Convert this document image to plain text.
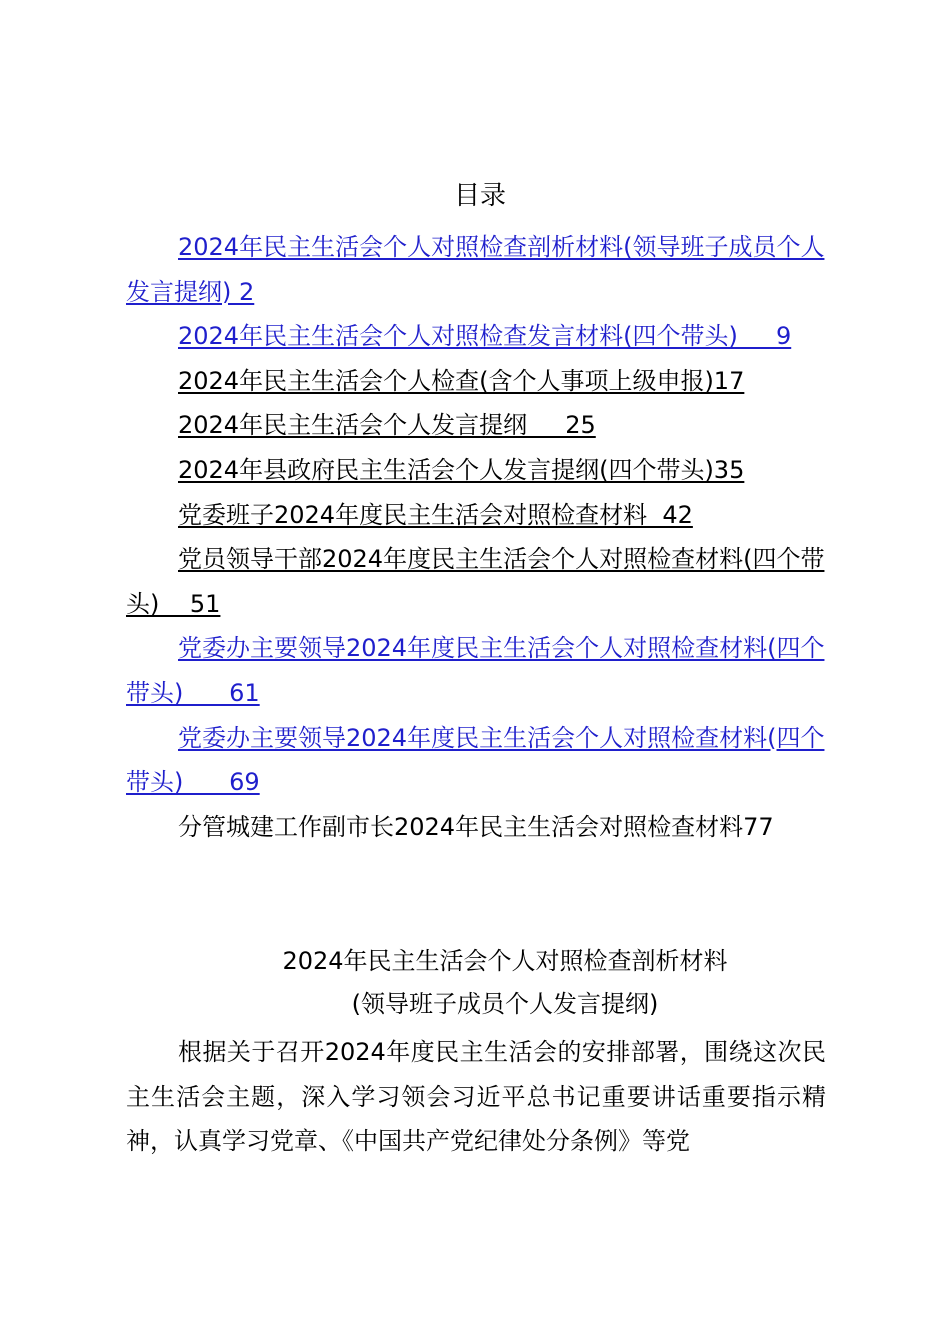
目录
2024年民主生活会个人对照检查剖析材料(领导班子成员个人发言提纲) 2
2024年民主生活会个人对照检查发言材料(四个带头)     9
2024年民主生活会个人检查(含个人事项上级申报)17
2024年民主生活会个人发言提纲     25
2024年县政府民主生活会个人发言提纲(四个带头)35
党委班子2024年度民主生活会对照检查材料  42
党员领导干部2024年度民主生活会个人对照检查材料(四个带头)    51
党委办主要领导2024年度民主生活会个人对照检查材料(四个带头)      61
党委办主要领导2024年度民主生活会个人对照检查材料(四个带头)      69
分管城建工作副市长2024年民主生活会对照检查材料77
2024年民主生活会个人对照检查剖析材料
(领导班子成员个人发言提纲)
根据关于召开2024年度民主生活会的安排部署，围绕这次民主生活会主题，深入学习领会习近平总书记重要讲话重要指示精神，认真学习党章、《中国共产党纪律处分条例》等党
